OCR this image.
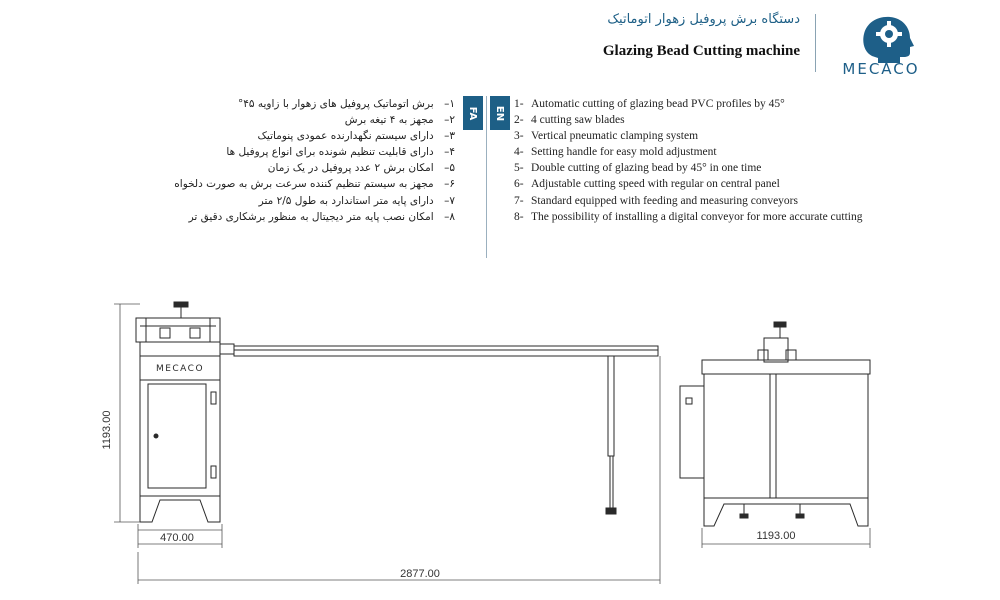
دستگاه برش پروفیل زهوار اتوماتیک
Glazing Bead Cutting machine
MECACO
FA EN
۱– برش اتوماتیک پروفیل های زهوار با زاویه ۴۵°
۲– مجهز به ۴ تیغه برش
۳– دارای سیستم نگهدارنده عمودی پنوماتیک
۴– دارای قابلیت تنظیم شونده برای انواع پروفیل ها
۵– امکان برش ۲ عدد پروفیل در یک زمان
۶– مجهز به سیستم تنظیم کننده سرعت برش به صورت دلخواه
۷– دارای پایه متر استاندارد به طول ۲/۵ متر
۸– امکان نصب پایه متر دیجیتال به منظور برشکاری دقیق تر
1- Automatic cutting of glazing bead PVC profiles by 45°
2- 4 cutting saw blades
3- Vertical pneumatic clamping system
4- Setting handle for easy mold adjustment
5- Double cutting of glazing bead by 45° in one time
6- Adjustable cutting speed with regular on central panel
7- Standard equipped with feeding and measuring conveyors
8- The possibility of installing a digital conveyor for more accurate cutting
MECACO
1193.00
470.00
2877.00
1193.00
